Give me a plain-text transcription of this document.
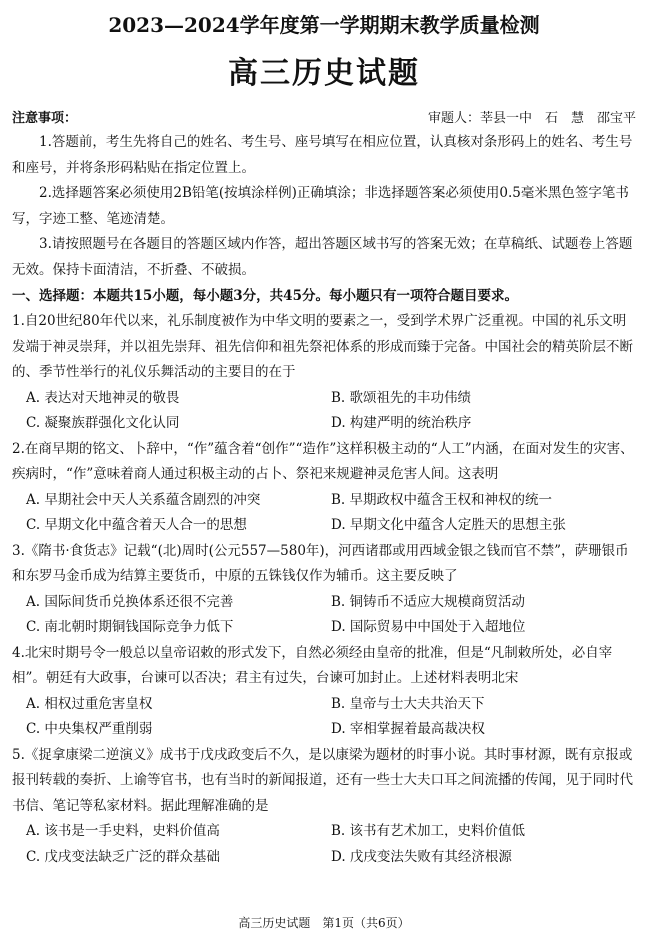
2023—2024学年度第一学期期末教学质量检测
高三历史试题
注意事项：	审题人：莘县一中　石　慧　邵宝平
1.答题前，考生先将自己的姓名、考生号、座号填写在相应位置，认真核对条形码上的姓名、考生号和座号，并将条形码粘贴在指定位置上。
2.选择题答案必须使用2B铅笔(按填涂样例)正确填涂；非选择题答案必须使用0.5毫米黑色签字笔书写，字迹工整、笔迹清楚。
3.请按照题号在各题目的答题区域内作答，超出答题区域书写的答案无效；在草稿纸、试题卷上答题无效。保持卡面清洁，不折叠、不破损。
一、选择题：本题共15小题，每小题3分，共45分。每小题只有一项符合题目要求。
1.自20世纪80年代以来，礼乐制度被作为中华文明的要素之一，受到学术界广泛重视。中国的礼乐文明发端于神灵崇拜，并以祖先崇拜、祖先信仰和祖先祭祀体系的形成而臻于完备。中国社会的精英阶层不断的、季节性举行的礼仪乐舞活动的主要目的在于
A. 表达对天地神灵的敬畏	B. 歌颂祖先的丰功伟绩
C. 凝聚族群强化文化认同	D. 构建严明的统治秩序
2.在商早期的铭文、卜辞中，“作”蕴含着“创作”“造作”这样积极主动的“人工”内涵，在面对发生的灾害、疾病时，“作”意味着商人通过积极主动的占卜、祭祀来规避神灵危害人间。这表明
A. 早期社会中天人关系蕴含剧烈的冲突	B. 早期政权中蕴含王权和神权的统一
C. 早期文化中蕴含着天人合一的思想	D. 早期文化中蕴含人定胜天的思想主张
3.《隋书·食货志》记载“(北)周时(公元557—580年)，河西诸郡或用西域金银之钱而官不禁”，萨珊银币和东罗马金币成为结算主要货币，中原的五铢钱仅作为辅币。这主要反映了
A. 国际间货币兑换体系还很不完善	B. 铜铸币不适应大规模商贸活动
C. 南北朝时期铜钱国际竞争力低下	D. 国际贸易中中国处于入超地位
4.北宋时期号令一般总以皇帝诏敕的形式发下，自然必须经由皇帝的批准，但是“凡制敕所处，必自宰相”。朝廷有大政事，台谏可以否决；君主有过失，台谏可加封止。上述材料表明北宋
A. 相权过重危害皇权	B. 皇帝与士大夫共治天下
C. 中央集权严重削弱	D. 宰相掌握着最高裁决权
5.《捉拿康梁二逆演义》成书于戊戌政变后不久，是以康梁为题材的时事小说。其时事材源，既有京报或报刊转载的奏折、上谕等官书，也有当时的新闻报道，还有一些士大夫口耳之间流播的传闻，见于同时代书信、笔记等私家材料。据此理解准确的是
A. 该书是一手史料，史料价值高	B. 该书有艺术加工，史料价值低
C. 戊戌变法缺乏广泛的群众基础	D. 戊戌变法失败有其经济根源
高三历史试题　第1页（共6页）
